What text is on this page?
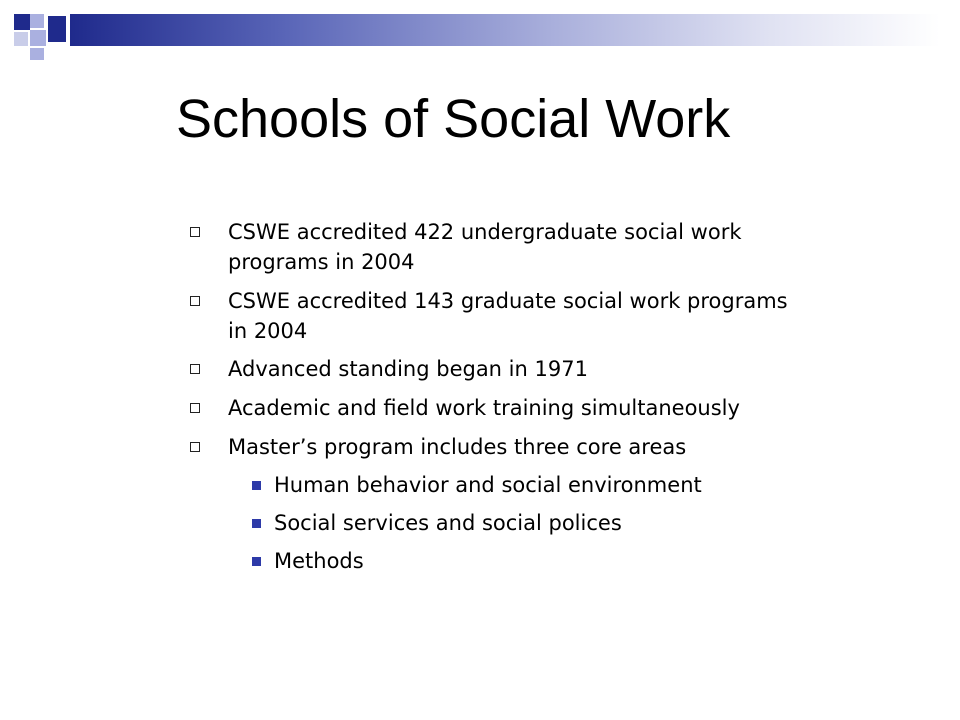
Schools of Social Work
CSWE accredited 422 undergraduate social work
programs in 2004
CSWE accredited 143 graduate social work programs
in 2004
Advanced standing began in 1971
Academic and field work training simultaneously
Master’s program includes three core areas
Human behavior and social environment
Social services and social polices
Methods
